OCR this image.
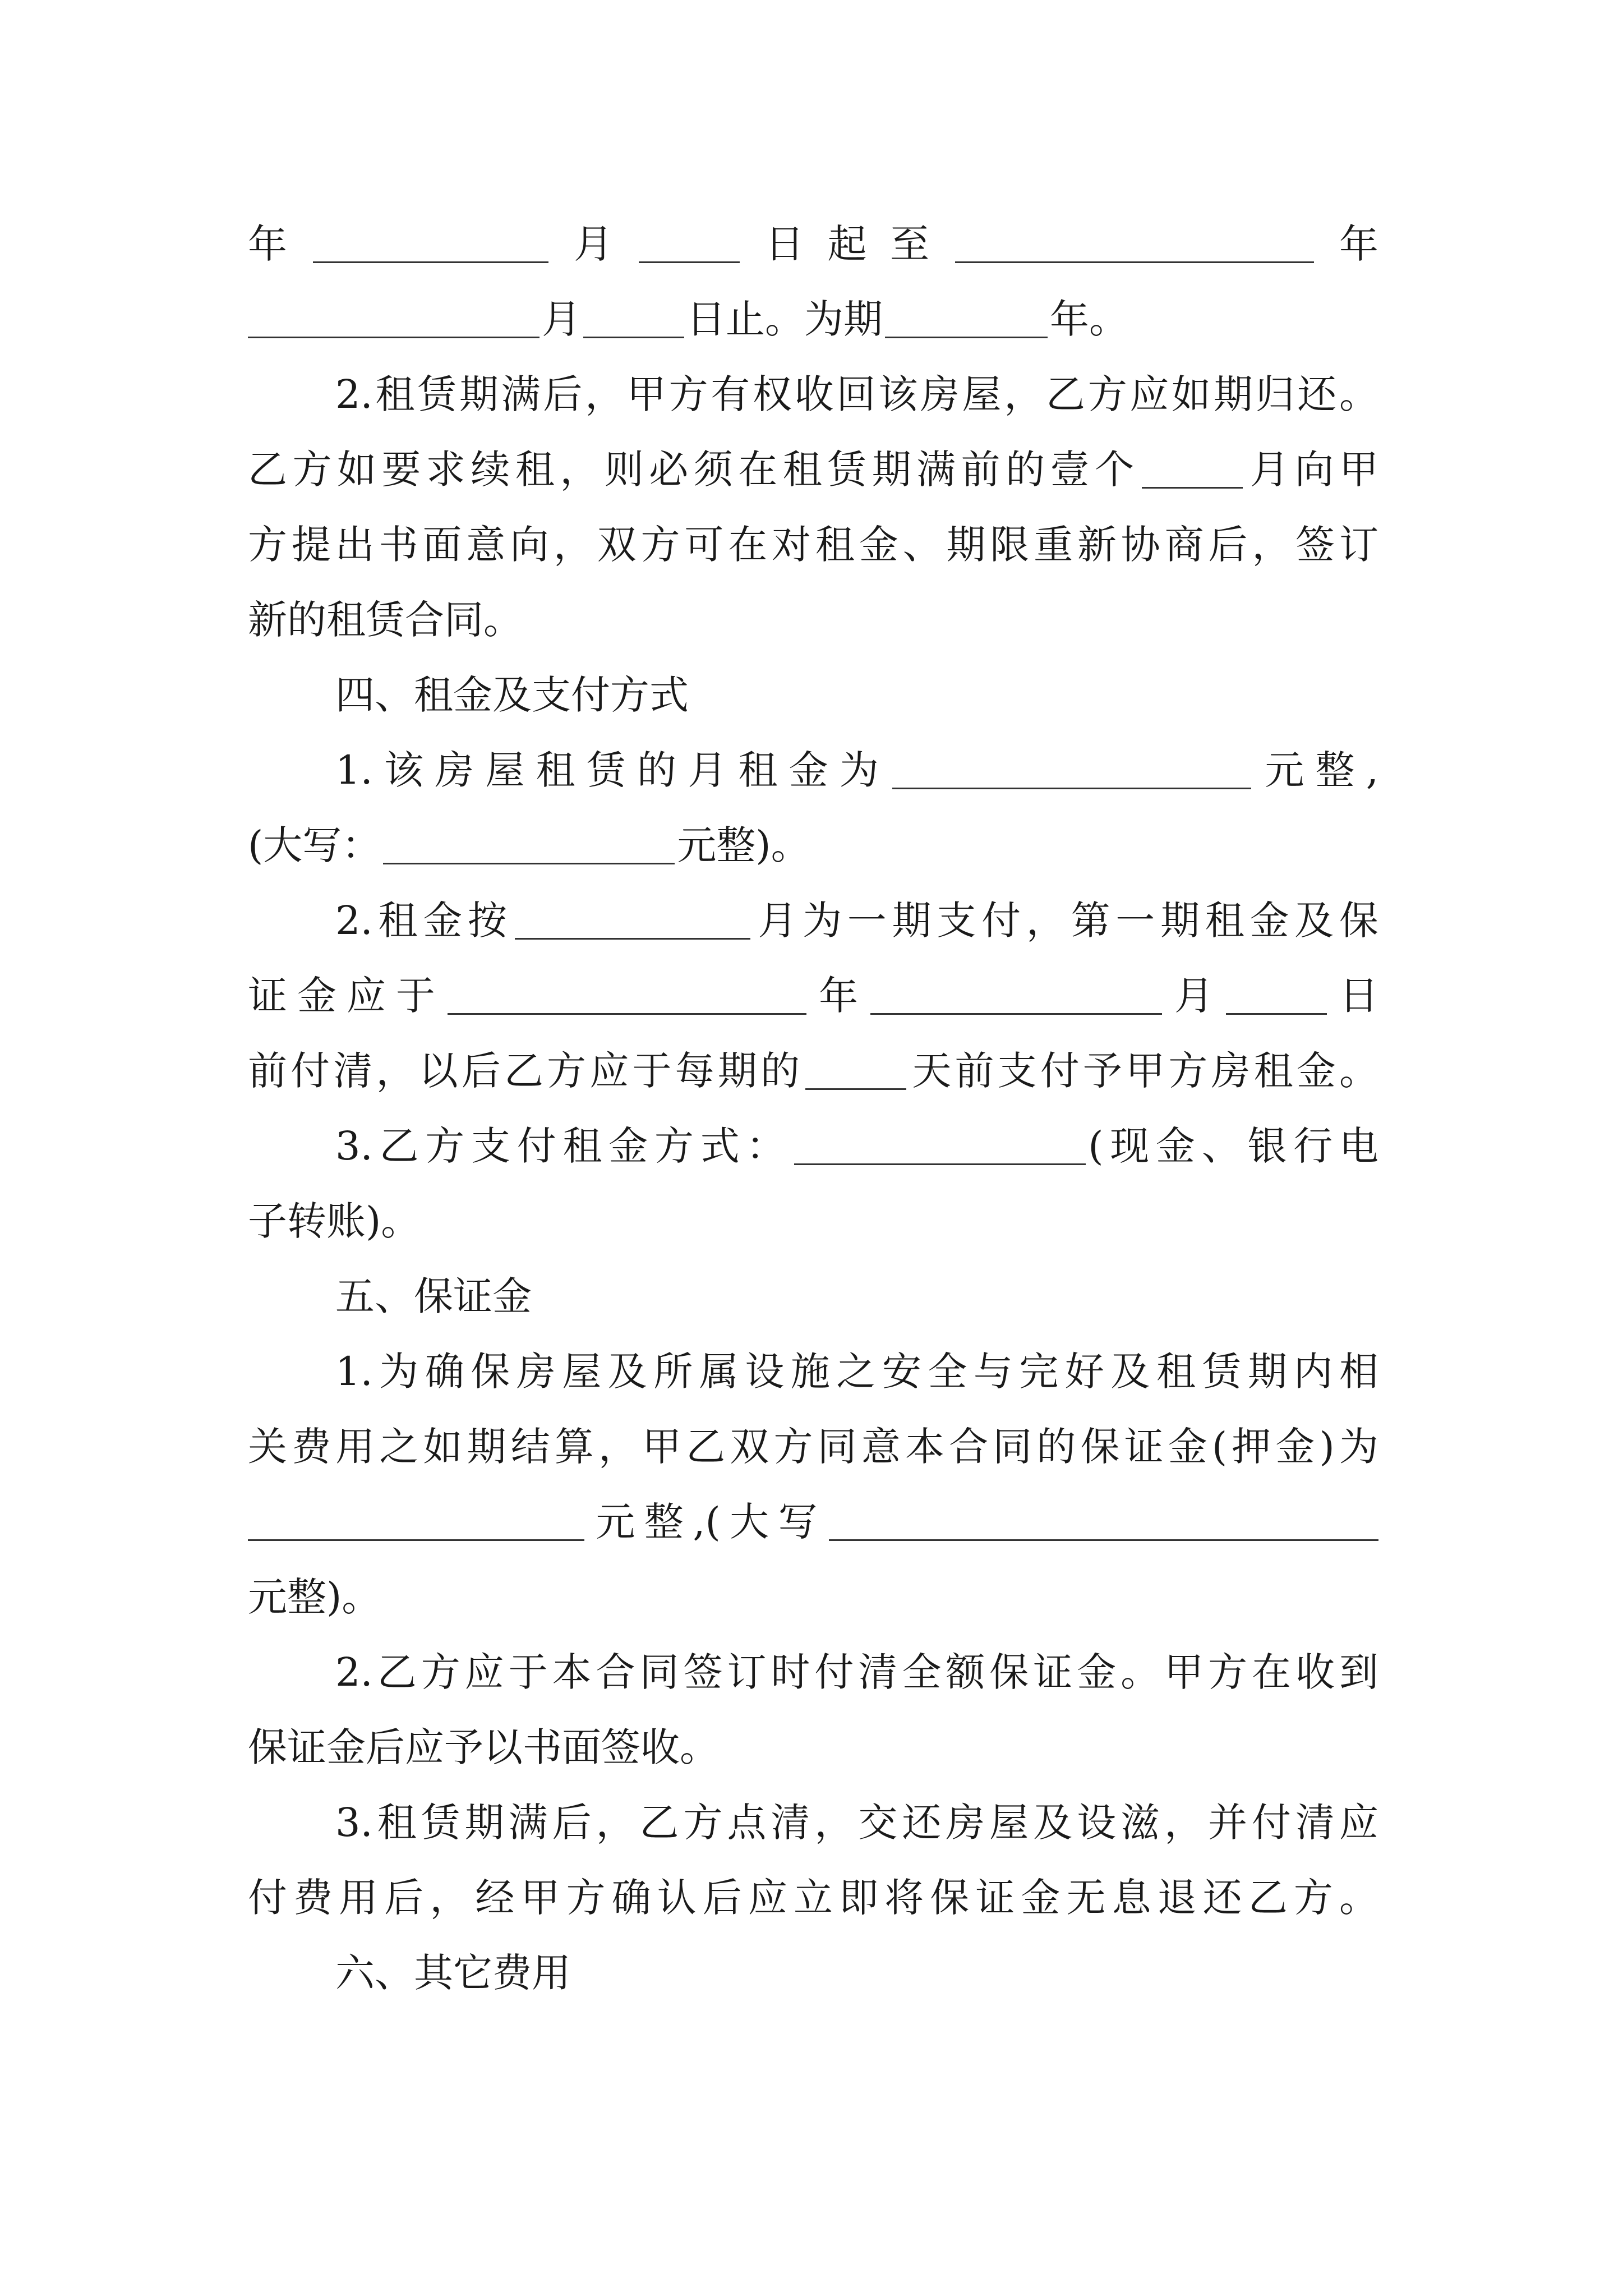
年	月	日起至	年
月	日止。为期	年。
2.租赁期满后，甲方有权收回该房屋，乙方应如期归还。
乙方如要求续租，则必须在租赁期满前的壹个	月向甲
方提出书面意向，双方可在对租金、期限重新协商后，签订
新的租赁合同。
四、租金及支付方式
1.该房屋租赁的月租金为	元整,
(大写：	元整)。
2.租金按	月为一期支付，第一期租金及保
证金应于	年	月	日
前付清，以后乙方应于每期的	天前支付予甲方房租金。
3.乙方支付租金方式：	(现金、银行电
子转账)。
五、保证金
1.为确保房屋及所属设施之安全与完好及租赁期内相
关费用之如期结算，甲乙双方同意本合同的保证金(押金)为
元整,(大写
元整)。
2.乙方应于本合同签订时付清全额保证金。甲方在收到
保证金后应予以书面签收。
3.租赁期满后，乙方点清，交还房屋及设滋，并付清应
付费用后，经甲方确认后应立即将保证金无息退还乙方。
六、其它费用
